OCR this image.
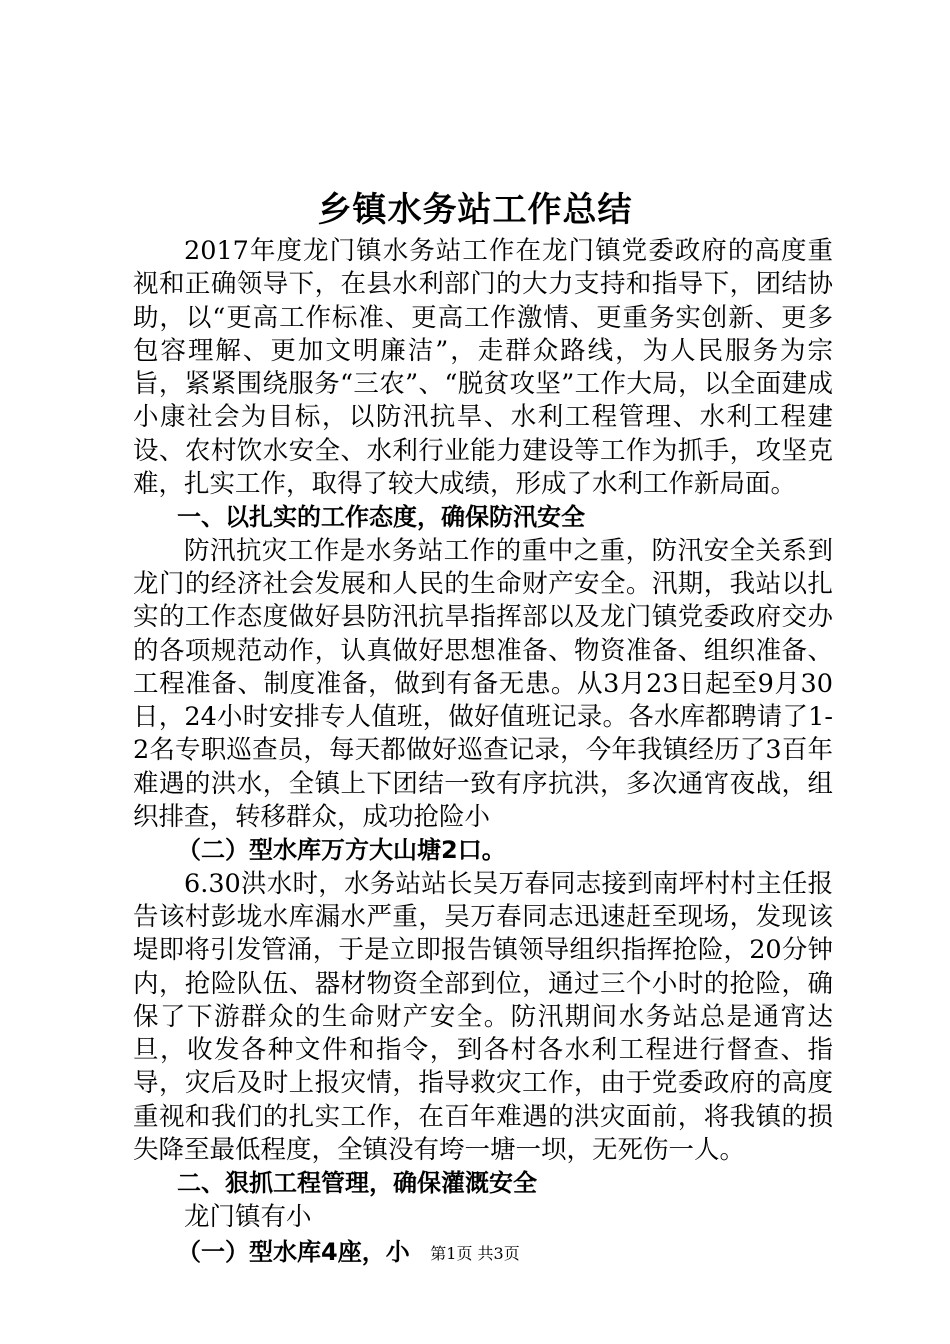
乡镇水务站工作总结

2017年度龙门镇水务站工作在龙门镇党委政府的高度重视和正确领导下，在县水利部门的大力支持和指导下，团结协助，以“更高工作标准、更高工作激情、更重务实创新、更多包容理解、更加文明廉洁”，走群众路线，为人民服务为宗旨，紧紧围绕服务“三农”、“脱贫攻坚”工作大局，以全面建成小康社会为目标，以防汛抗旱、水利工程管理、水利工程建设、农村饮水安全、水利行业能力建设等工作为抓手，攻坚克难，扎实工作，取得了较大成绩，形成了水利工作新局面。

一、以扎实的工作态度，确保防汛安全

防汛抗灾工作是水务站工作的重中之重，防汛安全关系到龙门的经济社会发展和人民的生命财产安全。汛期，我站以扎实的工作态度做好县防汛抗旱指挥部以及龙门镇党委政府交办的各项规范动作，认真做好思想准备、物资准备、组织准备、工程准备、制度准备，做到有备无患。从3月23日起至9月30日，24小时安排专人值班，做好值班记录。各水库都聘请了1-2名专职巡查员，每天都做好巡查记录，今年我镇经历了3百年难遇的洪水，全镇上下团结一致有序抗洪，多次通宵夜战，组织排查，转移群众，成功抢险小

（二）型水库万方大山塘2口。

6.30洪水时，水务站站长吴万春同志接到南坪村村主任报告该村彭垅水库漏水严重，吴万春同志迅速赶至现场，发现该堤即将引发管涌，于是立即报告镇领导组织指挥抢险，20分钟内，抢险队伍、器材物资全部到位，通过三个小时的抢险，确保了下游群众的生命财产安全。防汛期间水务站总是通宵达旦，收发各种文件和指令，到各村各水利工程进行督查、指导，灾后及时上报灾情，指导救灾工作，由于党委政府的高度重视和我们的扎实工作，在百年难遇的洪灾面前，将我镇的损失降至最低程度，全镇没有垮一塘一坝，无死伤一人。

二、狠抓工程管理，确保灌溉安全

龙门镇有小

（一）型水库4座，小	第1页 共3页
